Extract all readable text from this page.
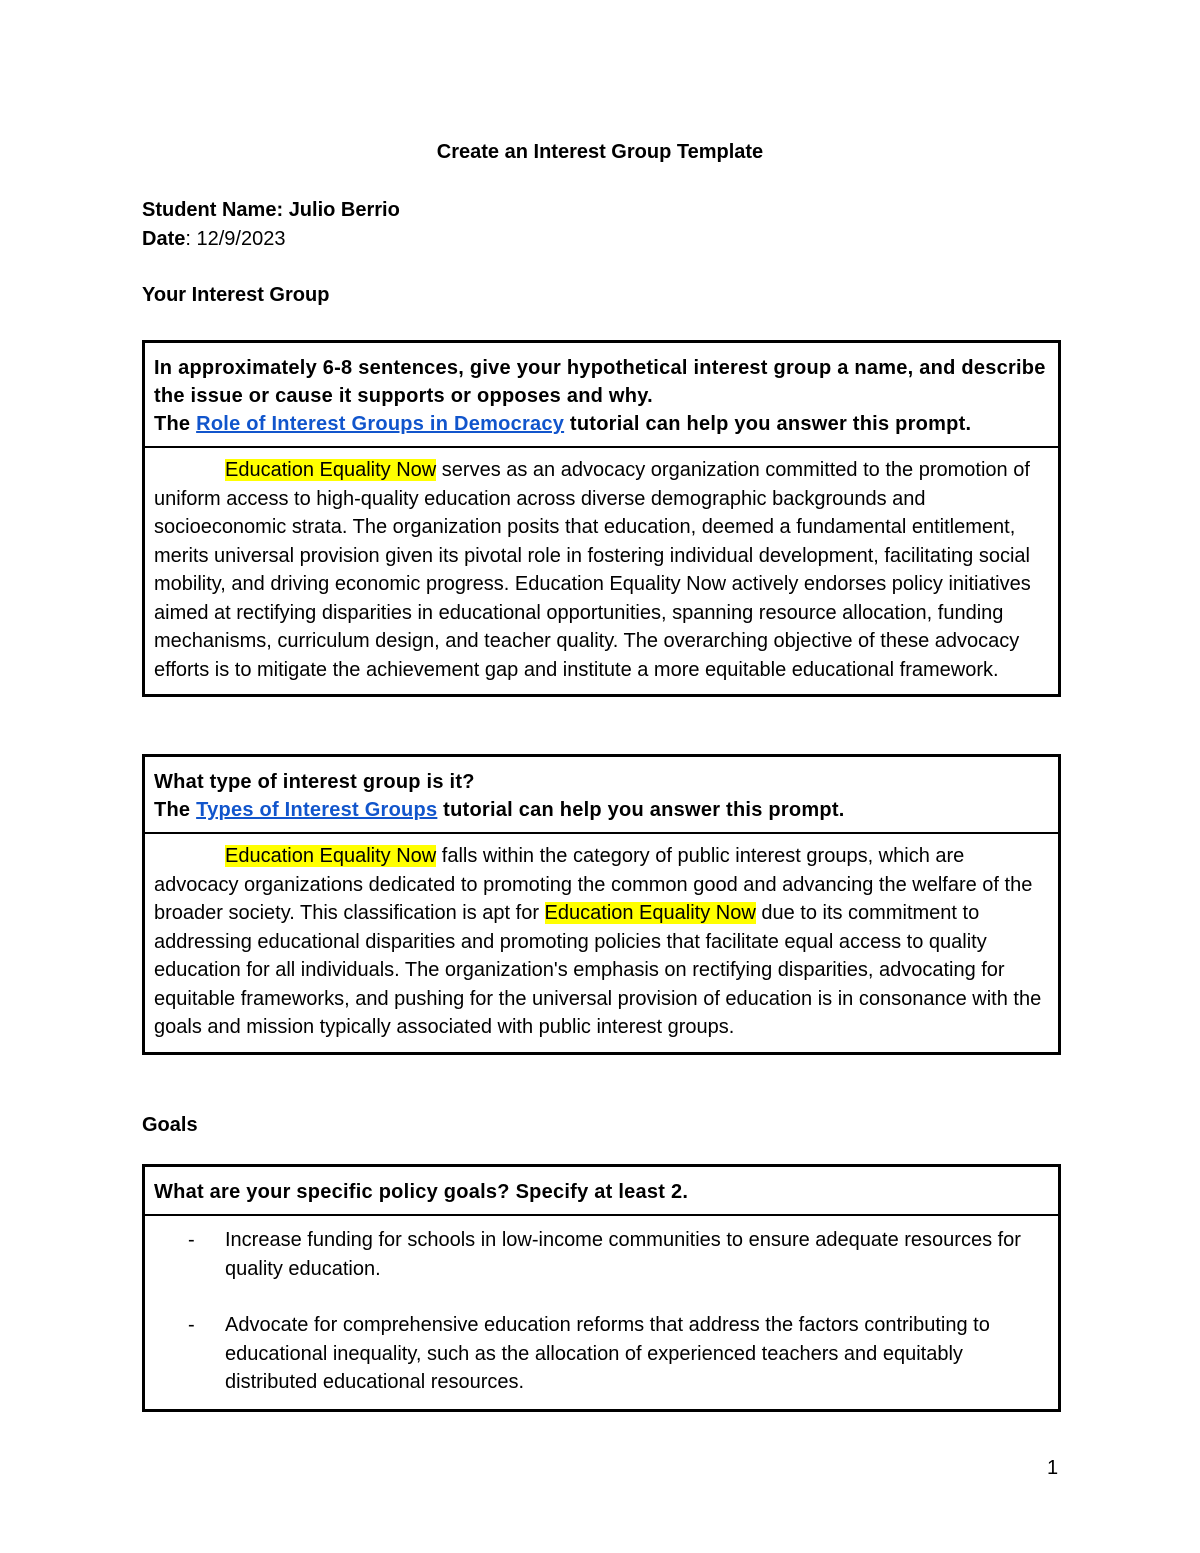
Create an Interest Group Template
Student Name: Julio Berrio
Date: 12/9/2023
Your Interest Group
In approximately 6-8 sentences, give your hypothetical interest group a name, and describe the issue or cause it supports or opposes and why.
The Role of Interest Groups in Democracy tutorial can help you answer this prompt.
Education Equality Now serves as an advocacy organization committed to the promotion of uniform access to high-quality education across diverse demographic backgrounds and socioeconomic strata. The organization posits that education, deemed a fundamental entitlement, merits universal provision given its pivotal role in fostering individual development, facilitating social mobility, and driving economic progress. Education Equality Now actively endorses policy initiatives aimed at rectifying disparities in educational opportunities, spanning resource allocation, funding mechanisms, curriculum design, and teacher quality. The overarching objective of these advocacy efforts is to mitigate the achievement gap and institute a more equitable educational framework.
What type of interest group is it?
The Types of Interest Groups tutorial can help you answer this prompt.
Education Equality Now falls within the category of public interest groups, which are advocacy organizations dedicated to promoting the common good and advancing the welfare of the broader society. This classification is apt for Education Equality Now due to its commitment to addressing educational disparities and promoting policies that facilitate equal access to quality education for all individuals. The organization's emphasis on rectifying disparities, advocating for equitable frameworks, and pushing for the universal provision of education is in consonance with the goals and mission typically associated with public interest groups.
Goals
What are your specific policy goals? Specify at least 2.
- Increase funding for schools in low-income communities to ensure adequate resources for quality education.
- Advocate for comprehensive education reforms that address the factors contributing to educational inequality, such as the allocation of experienced teachers and equitably distributed educational resources.
1
